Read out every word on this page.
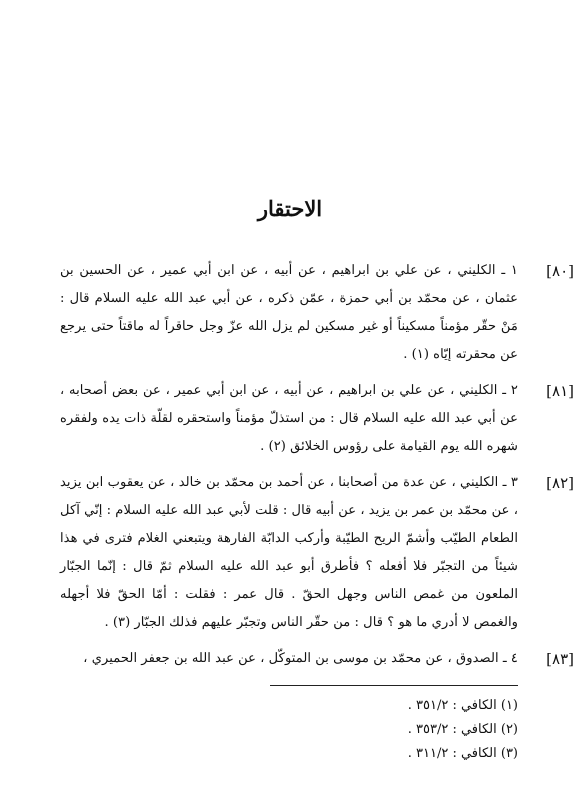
الاحتقار
[٨٠]
١ ـ الكليني ، عن علي بن ابراهيم ، عن أبيه ، عن ابن أبي عمير ، عن الحسين بن عثمان ، عن محمّد بن أبي حمزة ، عمّن ذكره ، عن أبي عبد الله عليه السلام قال : مَنْ حقّر مؤمناً مسكيناً أو غير مسكين لم يزل الله عزّ وجل حاقراً له ماقتاً حتى يرجع عن محقرته إيّاه (١) .
[٨١]
٢ ـ الكليني ، عن علي بن ابراهيم ، عن أبيه ، عن ابن أبي عمير ، عن بعض أصحابه ، عن أبي عبد الله عليه السلام قال : من استذلّ مؤمناً واستحقره لقلّة ذات يده ولفقره شهره الله يوم القيامة على رؤوس الخلائق (٢) .
[٨٢]
٣ ـ الكليني ، عن عدة من أصحابنا ، عن أحمد بن محمّد بن خالد ، عن يعقوب ابن يزيد ، عن محمّد بن عمر بن يزيد ، عن أبيه قال : قلت لأبي عبد الله عليه السلام : إنّي آكل الطعام الطيّب وأشمّ الريح الطيّبة وأركب الدابّة الفارهة ويتبعني الغلام فترى في هذا شيئاً من التجبّر فلا أفعله ؟ فأطرق أبو عبد الله عليه السلام ثمّ قال : إنّما الجبّار الملعون من غمص الناس وجهل الحقّ . قال عمر : فقلت : أمّا الحقّ فلا أجهله والغمص لا أدري ما هو ؟ قال : من حقّر الناس وتجبّر عليهم فذلك الجبّار (٣) .
[٨٣]
٤ ـ الصدوق ، عن محمّد بن موسى بن المتوكّل ، عن عبد الله بن جعفر الحميري ،
(١) الكافي : ٣٥١/٢ .
(٢) الكافي : ٣٥٣/٢ .
(٣) الكافي : ٣١١/٢ .
